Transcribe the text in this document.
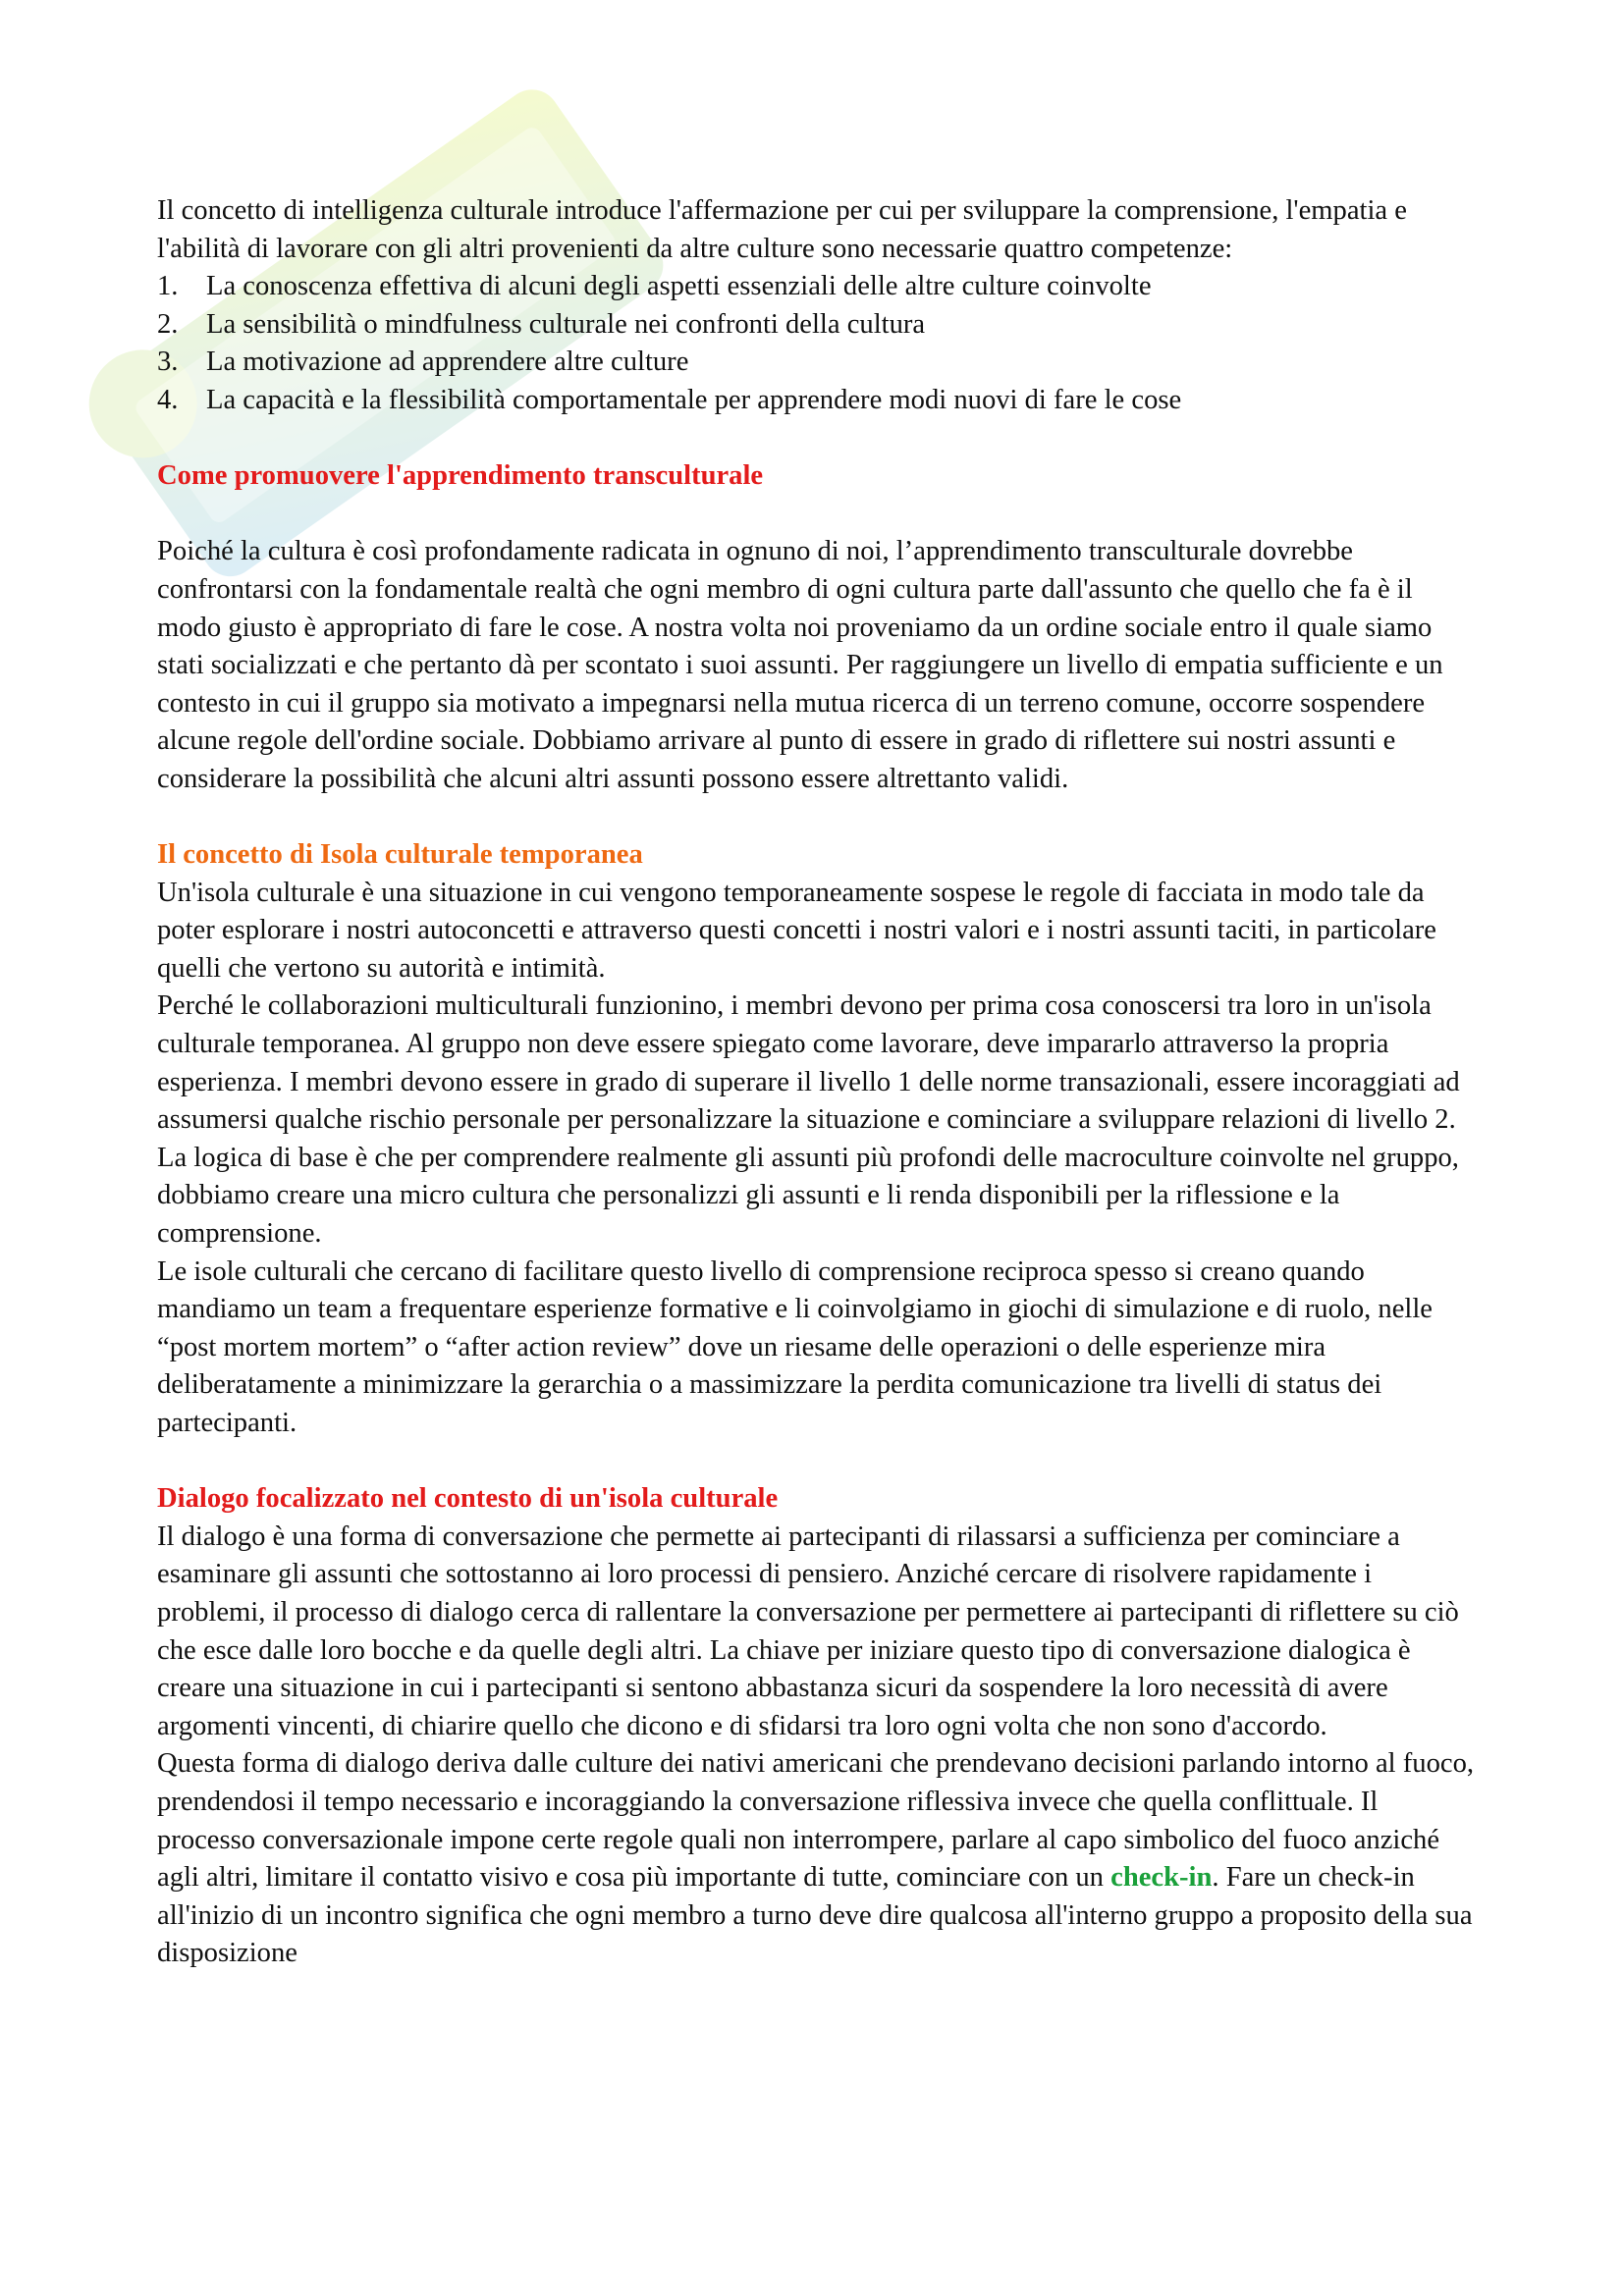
Il concetto di intelligenza culturale introduce l'affermazione per cui per sviluppare la comprensione, l'empatia e l'abilità di lavorare con gli altri provenienti da altre culture sono necessarie quattro competenze:

1. La conoscenza effettiva di alcuni degli aspetti essenziali delle altre culture coinvolte
2. La sensibilità o mindfulness culturale nei confronti della cultura
3. La motivazione ad apprendere altre culture
4. La capacità e la flessibilità comportamentale per apprendere modi nuovi di fare le cose

Come promuovere l'apprendimento transculturale

Poiché la cultura è così profondamente radicata in ognuno di noi, l’apprendimento transculturale dovrebbe confrontarsi con la fondamentale realtà che ogni membro di ogni cultura parte dall'assunto che quello che fa è il modo giusto è appropriato di fare le cose. A nostra volta noi proveniamo da un ordine sociale entro il quale siamo stati socializzati e che pertanto dà per scontato i suoi assunti. Per raggiungere un livello di empatia sufficiente e un contesto in cui il gruppo sia motivato a impegnarsi nella mutua ricerca di un terreno comune, occorre sospendere alcune regole dell'ordine sociale. Dobbiamo arrivare al punto di essere in grado di riflettere sui nostri assunti e considerare la possibilità che alcuni altri assunti possono essere altrettanto validi.

Il concetto di Isola culturale temporanea

Un'isola culturale è una situazione in cui vengono temporaneamente sospese le regole di facciata in modo tale da poter esplorare i nostri autoconcetti e attraverso questi concetti i nostri valori e i nostri assunti taciti, in particolare quelli che vertono su autorità e intimità.

Perché le collaborazioni multiculturali funzionino, i membri devono per prima cosa conoscersi tra loro in un'isola culturale temporanea. Al gruppo non deve essere spiegato come lavorare, deve impararlo attraverso la propria esperienza. I membri devono essere in grado di superare il livello 1 delle norme transazionali, essere incoraggiati ad assumersi qualche rischio personale per personalizzare la situazione e cominciare a sviluppare relazioni di livello 2.

La logica di base è che per comprendere realmente gli assunti più profondi delle macroculture coinvolte nel gruppo, dobbiamo creare una micro cultura che personalizzi gli assunti e li renda disponibili per la riflessione e la comprensione.

Le isole culturali che cercano di facilitare questo livello di comprensione reciproca spesso si creano quando mandiamo un team a frequentare esperienze formative e li coinvolgiamo in giochi di simulazione e di ruolo, nelle “post mortem mortem” o “after action review” dove un riesame delle operazioni o delle esperienze mira deliberatamente a minimizzare la gerarchia o a massimizzare la perdita comunicazione tra livelli di status dei partecipanti.

Dialogo focalizzato nel contesto di un'isola culturale

Il dialogo è una forma di conversazione che permette ai partecipanti di rilassarsi a sufficienza per cominciare a esaminare gli assunti che sottostanno ai loro processi di pensiero. Anziché cercare di risolvere rapidamente i problemi, il processo di dialogo cerca di rallentare la conversazione per permettere ai partecipanti di riflettere su ciò che esce dalle loro bocche e da quelle degli altri. La chiave per iniziare questo tipo di conversazione dialogica è creare una situazione in cui i partecipanti si sentono abbastanza sicuri da sospendere la loro necessità di avere argomenti vincenti, di chiarire quello che dicono e di sfidarsi tra loro ogni volta che non sono d'accordo.

Questa forma di dialogo deriva dalle culture dei nativi americani che prendevano decisioni parlando intorno al fuoco, prendendosi il tempo necessario e incoraggiando la conversazione riflessiva invece che quella conflittuale. Il processo conversazionale impone certe regole quali non interrompere, parlare al capo simbolico del fuoco anziché agli altri, limitare il contatto visivo e cosa più importante di tutte, cominciare con un check-in. Fare un check-in all'inizio di un incontro significa che ogni membro a turno deve dire qualcosa all'interno gruppo a proposito della sua disposizione
